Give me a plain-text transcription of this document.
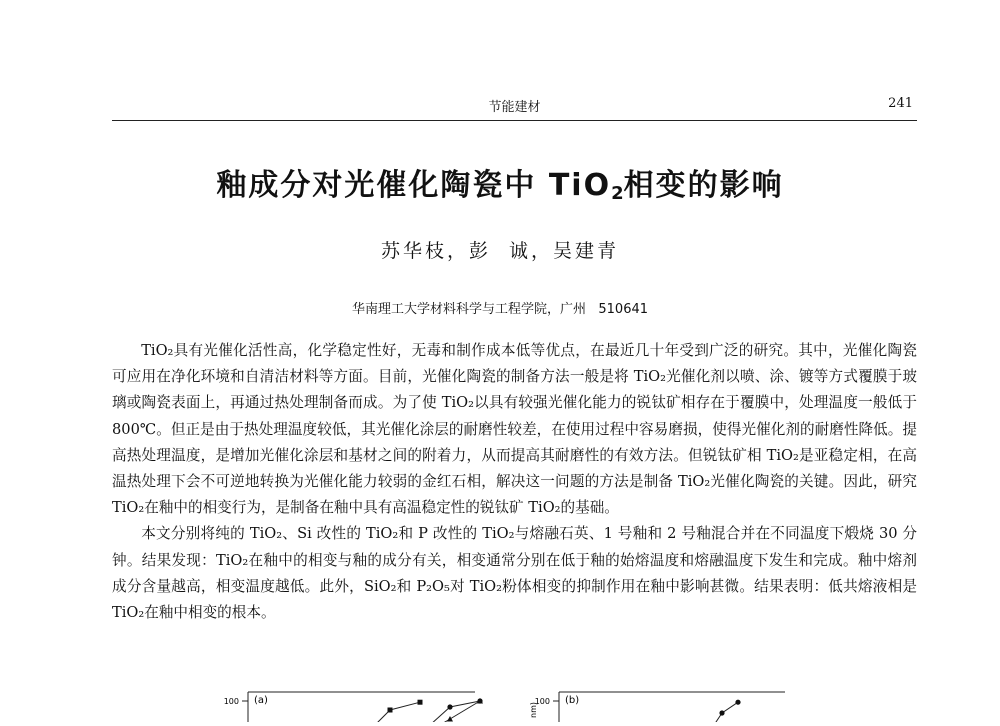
节能建材	241
釉成分对光催化陶瓷中 TiO$_2$相变的影响
苏华枝，彭  诚，吴建青
华南理工大学材料科学与工程学院，广州   510641

TiO₂具有光催化活性高，化学稳定性好，无毒和制作成本低等优点，在最近几十年受到广泛的研究。其中，光催化陶瓷可应用在净化环境和自清洁材料等方面。目前，光催化陶瓷的制备方法一般是将 TiO₂光催化剂以喷、涂、镀等方式覆膜于玻璃或陶瓷表面上，再通过热处理制备而成。为了使 TiO₂以具有较强光催化能力的锐钛矿相存在于覆膜中，处理温度一般低于 800℃。但正是由于热处理温度较低，其光催化涂层的耐磨性较差，在使用过程中容易磨损，使得光催化剂的耐磨性降低。提高热处理温度，是增加光催化涂层和基材之间的附着力，从而提高其耐磨性的有效方法。但锐钛矿相 TiO₂是亚稳定相，在高温热处理下会不可逆地转换为光催化能力较弱的金红石相，解决这一问题的方法是制备 TiO₂光催化陶瓷的关键。因此，研究 TiO₂在釉中的相变行为，是制备在釉中具有高温稳定性的锐钛矿 TiO₂的基础。

本文分别将纯的 TiO₂、Si 改性的 TiO₂和 P 改性的 TiO₂与熔融石英、1 号釉和 2 号釉混合并在不同温度下煅烧 30 分钟。结果发现：TiO₂在釉中的相变与釉的成分有关，相变通常分别在低于釉的始熔温度和熔融温度下发生和完成。釉中熔剂成分含量越高，相变温度越低。此外，SiO₂和 P₂O₅对 TiO₂粉体相变的抑制作用在釉中影响甚微。结果表明：低共熔液相是 TiO₂在釉中相变的根本。

100 (a)	100 (b)
nm)
